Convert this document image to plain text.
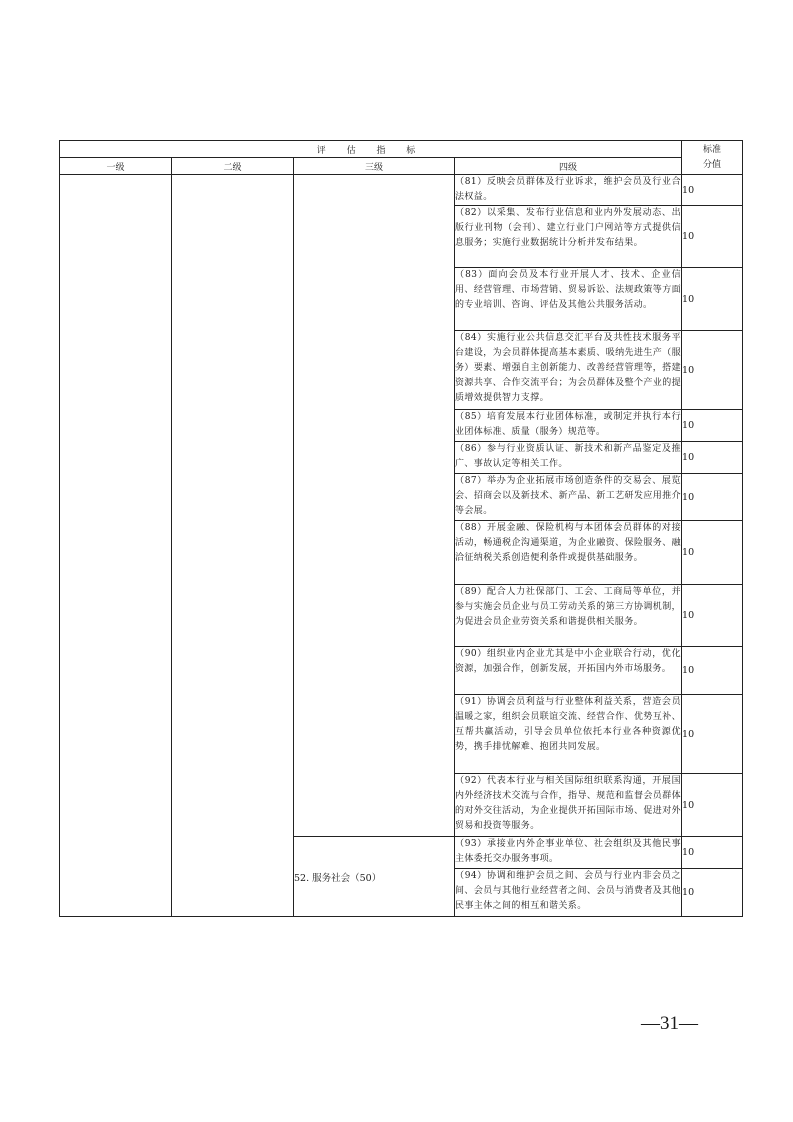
评 估 指 标				标准
分值
一级	二级	三级	四级	
			（81）反映会员群体及行业诉求，维护会员及行业合法权益。	10
			（82）以采集、发布行业信息和业内外发展动态、出版行业刊物（会刊）、建立行业门户网站等方式提供信息服务；实施行业数据统计分析并发布结果。	10
			（83）面向会员及本行业开展人才、技术、企业信用、经营管理、市场营销、贸易诉讼、法规政策等方面的专业培训、咨询、评估及其他公共服务活动。	10
			（84）实施行业公共信息交汇平台及共性技术服务平台建设，为会员群体提高基本素质、吸纳先进生产（服务）要素、增强自主创新能力、改善经营管理等，搭建资源共享、合作交流平台；为会员群体及整个产业的提质增效提供智力支撑。	10
			（85）培育发展本行业团体标准，或制定并执行本行业团体标准、质量（服务）规范等。	10
			（86）参与行业资质认证、新技术和新产品鉴定及推广、事故认定等相关工作。	10
			（87）举办为企业拓展市场创造条件的交易会、展览会、招商会以及新技术、新产品、新工艺研发应用推介等会展。	10
			（88）开展金融、保险机构与本团体会员群体的对接活动，畅通税企沟通渠道，为企业融资、保险服务、融洽征纳税关系创造便利条件或提供基础服务。	10
			（89）配合人力社保部门、工会、工商局等单位，并参与实施会员企业与员工劳动关系的第三方协调机制，为促进会员企业劳资关系和谐提供相关服务。	10
			（90）组织业内企业尤其是中小企业联合行动，优化资源，加强合作，创新发展，开拓国内外市场服务。	10
			（91）协调会员利益与行业整体利益关系，营造会员温暖之家，组织会员联谊交流、经营合作、优势互补、互帮共赢活动，引导会员单位依托本行业各种资源优势，携手排忧解难、抱团共同发展。	10
			（92）代表本行业与相关国际组织联系沟通，开展国内外经济技术交流与合作，指导、规范和监督会员群体的对外交往活动，为企业提供开拓国际市场、促进对外贸易和投资等服务。	10
		52. 服务社会（50）	（93）承接业内外企事业单位、社会组织及其他民事主体委托交办服务事项。	10
			（94）协调和维护会员之间、会员与行业内非会员之间、会员与其他行业经营者之间、会员与消费者及其他民事主体之间的相互和谐关系。	10
—31—
